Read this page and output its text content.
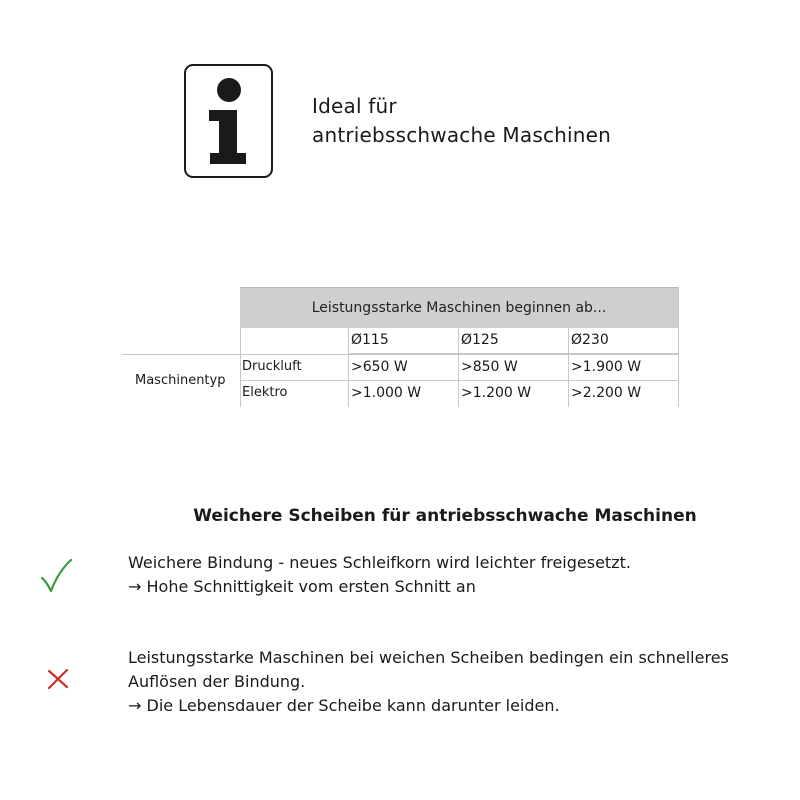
Ideal für
antriebsschwache Maschinen
Leistungsstarke Maschinen beginnen ab...
Ø115	Ø125	Ø230
Maschinentyp
Druckluft	>650 W	>850 W	>1.900 W
Elektro	>1.000 W	>1.200 W	>2.200 W
Weichere Scheiben für antriebsschwache Maschinen
Weichere Bindung - neues Schleifkorn wird leichter freigesetzt.
→ Hohe Schnittigkeit vom ersten Schnitt an
Leistungsstarke Maschinen bei weichen Scheiben bedingen ein schnelleres
Auflösen der Bindung.
→ Die Lebensdauer der Scheibe kann darunter leiden.
